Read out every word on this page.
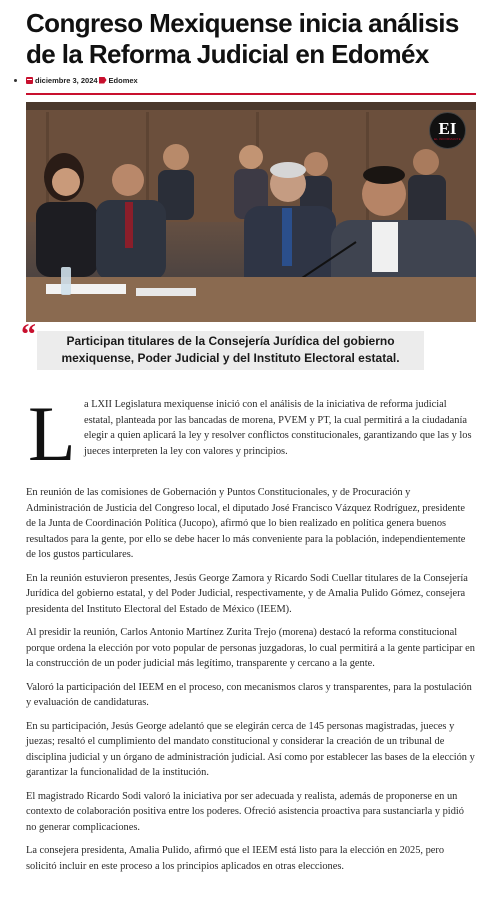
Congreso Mexiquense inicia análisis de la Reforma Judicial en Edoméx
diciembre 3, 2024 Edomex
EI
EL INFORMANTE
“	Participan titulares de la Consejería Jurídica del gobierno mexiquense, Poder Judicial y del Instituto Electoral estatal.

L a LXII Legislatura mexiquense inició con el análisis de la iniciativa de reforma judicial estatal, planteada por las bancadas de morena, PVEM y PT, la cual permitirá a la ciudadanía elegir a quien aplicará la ley y resolver conflictos constitucionales, garantizando que las y los jueces interpreten la ley con valores y principios.

En reunión de las comisiones de Gobernación y Puntos Constitucionales, y de Procuración y Administración de Justicia del Congreso local, el diputado José Francisco Vázquez Rodríguez, presidente de la Junta de Coordinación Política (Jucopo), afirmó que lo bien realizado en política genera buenos resultados para la gente, por ello se debe hacer lo más conveniente para la población, independientemente de los gustos particulares.

En la reunión estuvieron presentes, Jesús George Zamora y Ricardo Sodi Cuellar titulares de la Consejería Jurídica del gobierno estatal, y del Poder Judicial, respectivamente, y de Amalia Pulido Gómez, consejera presidenta del Instituto Electoral del Estado de México (IEEM).

Al presidir la reunión, Carlos Antonio Martínez Zurita Trejo (morena) destacó la reforma constitucional porque ordena la elección por voto popular de personas juzgadoras, lo cual permitirá a la gente participar en la construcción de un poder judicial más legítimo, transparente y cercano a la gente.

Valoró la participación del IEEM en el proceso, con mecanismos claros y transparentes, para la postulación y evaluación de candidaturas.

En su participación, Jesús George adelantó que se elegirán cerca de 145 personas magistradas, jueces y juezas; resaltó el cumplimiento del mandato constitucional y considerar la creación de un tribunal de disciplina judicial y un órgano de administración judicial. Así como por establecer las bases de la elección y garantizar la funcionalidad de la institución.

El magistrado Ricardo Sodi valoró la iniciativa por ser adecuada y realista, además de proponerse en un contexto de colaboración positiva entre los poderes. Ofreció asistencia proactiva para sustanciarla y pidió no generar complicaciones.

La consejera presidenta, Amalia Pulido, afirmó que el IEEM está listo para la elección en 2025, pero solicitó incluir en este proceso a los principios aplicados en otras elecciones.
